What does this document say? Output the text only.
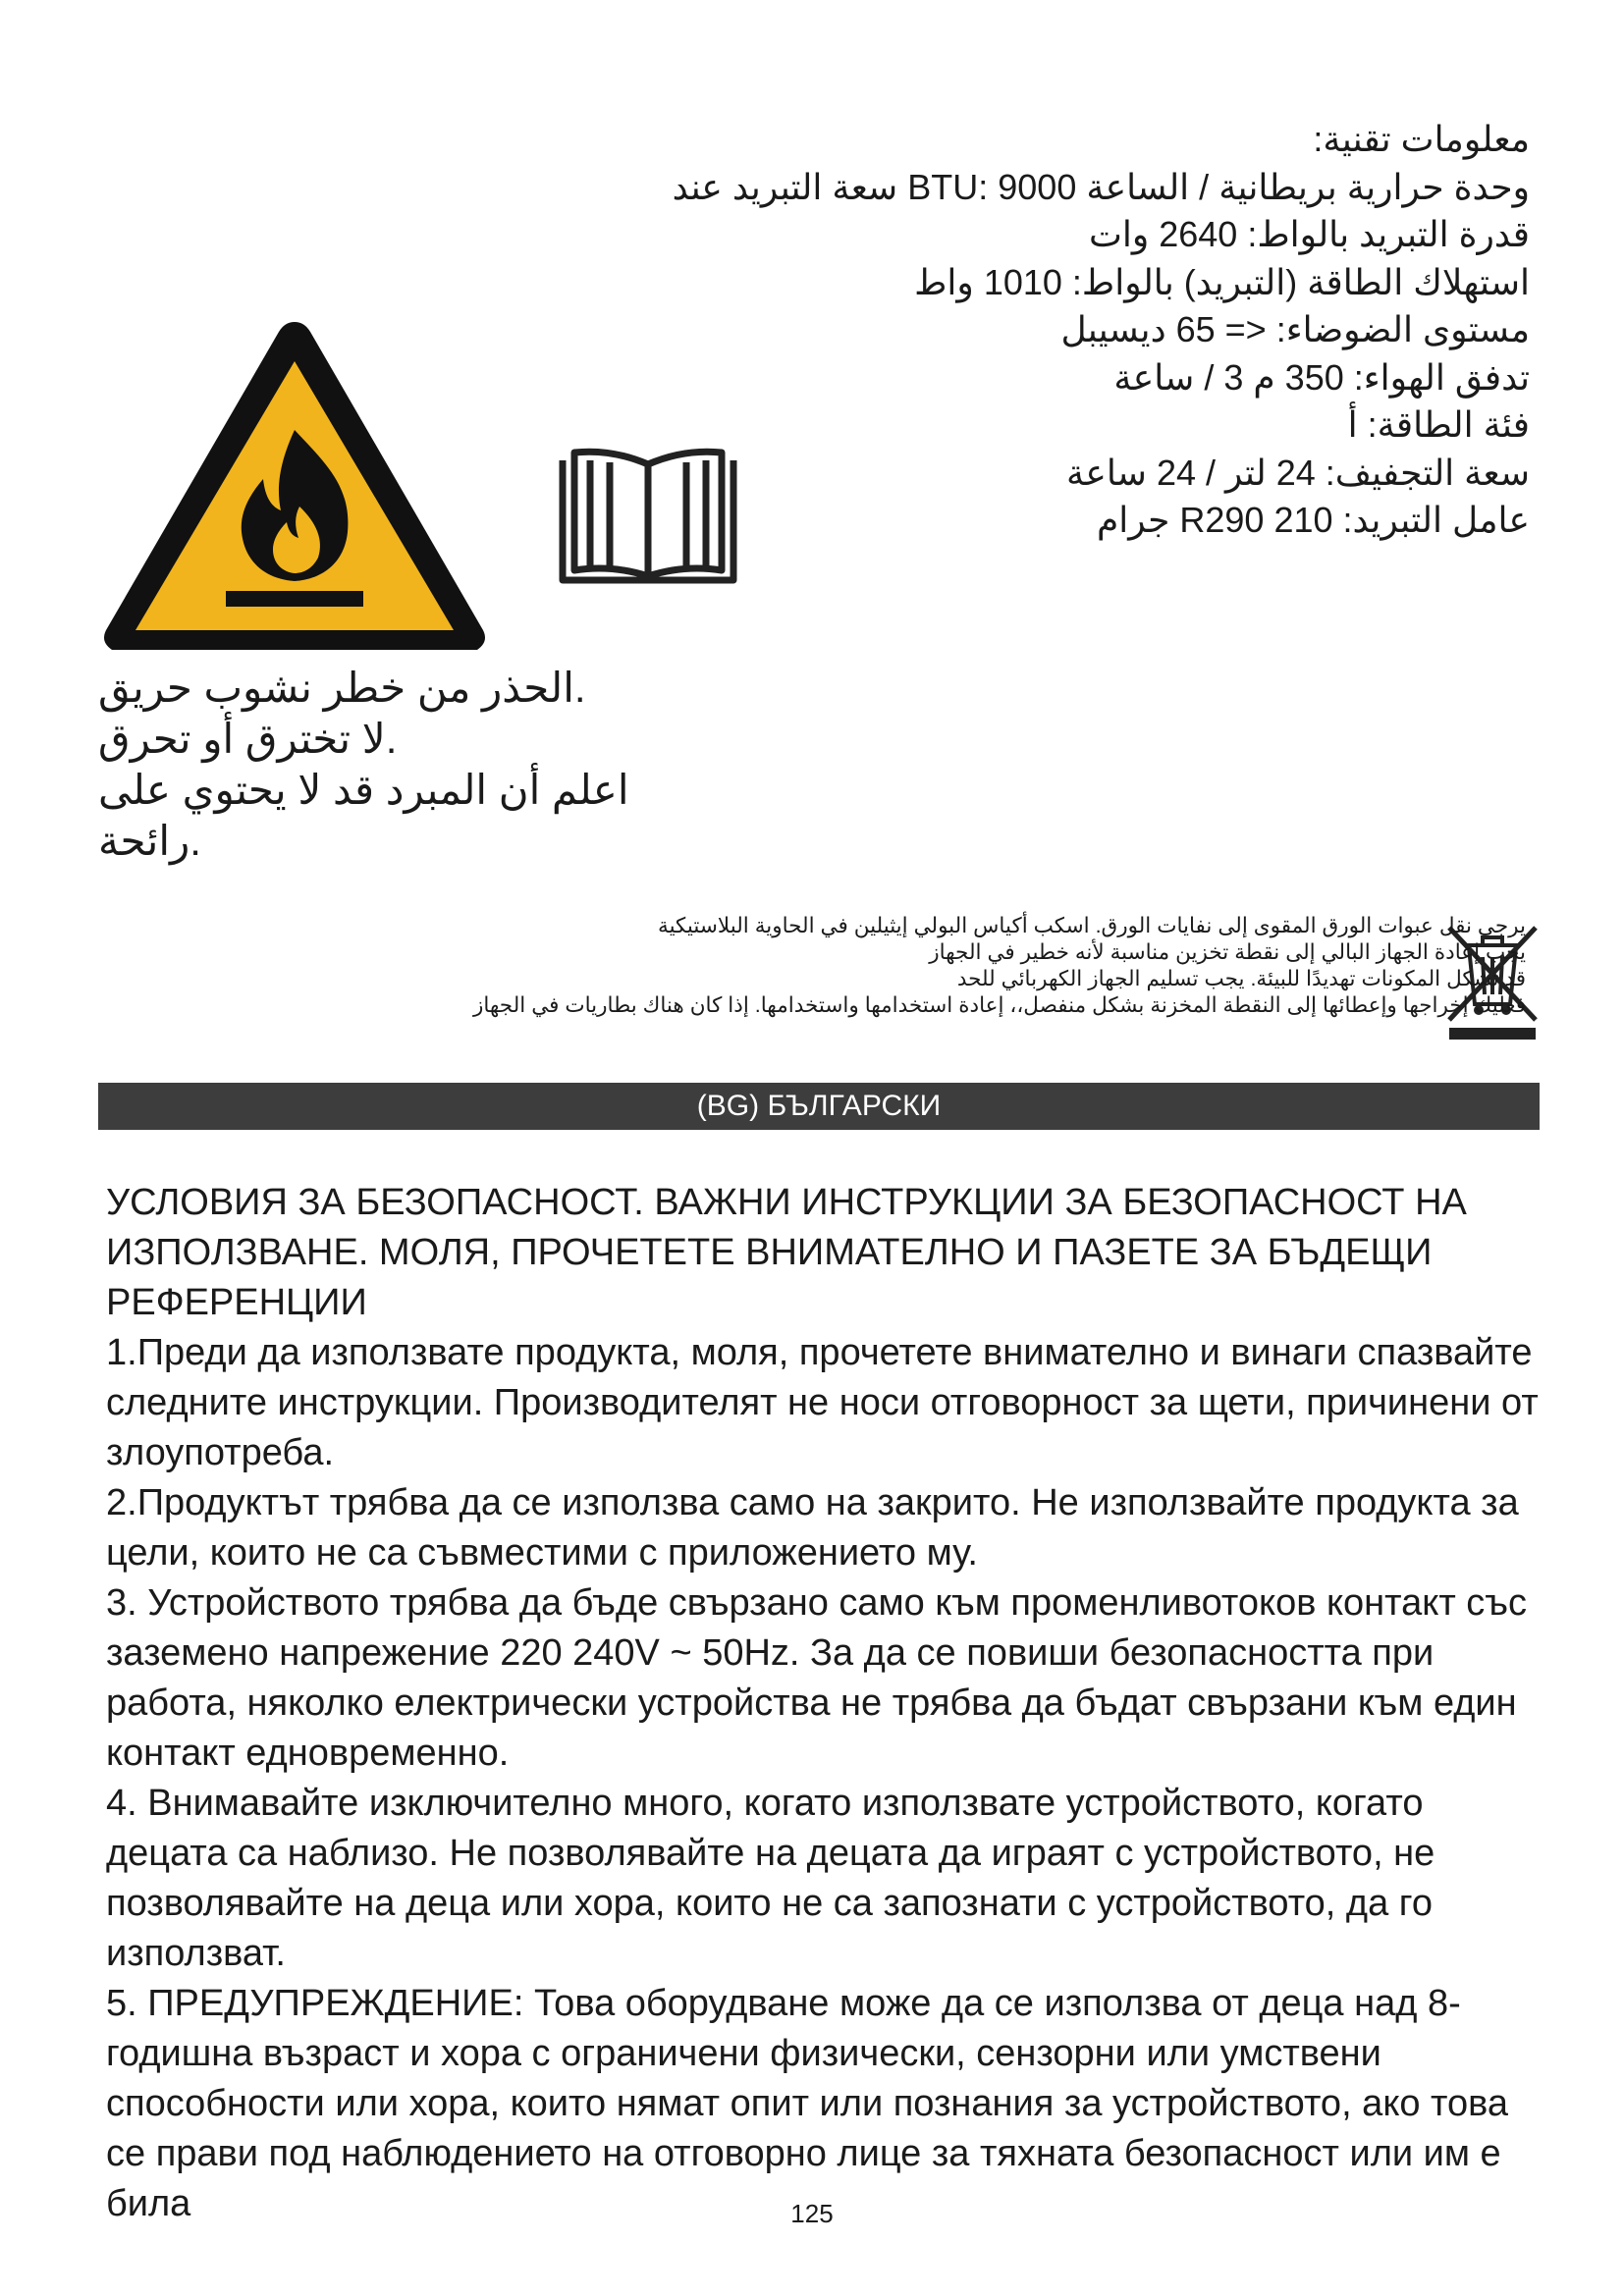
معلومات تقنية:
وحدة حرارية بريطانية / الساعة 9000 :BTU سعة التبريد عند
قدرة التبريد بالواط: 2640 وات
استهلاك الطاقة (التبريد) بالواط: 1010 واط
مستوى الضوضاء: <= 65 ديسيبل
تدفق الهواء: 350 م 3 / ساعة
فئة الطاقة: أ
سعة التجفيف: 24 لتر / 24 ساعة
عامل التبريد: R290 210 جرام
الحذر من خطر نشوب حريق.
لا تخترق أو تحرق.
اعلم أن المبرد قد لا يحتوي على رائحة.
يرجى نقل عبوات الورق المقوى إلى نفايات الورق. اسكب أكياس البولي إيثيلين في الحاوية البلاستيكية
يجب إعادة الجهاز البالي إلى نقطة تخزين مناسبة لأنه خطير في الجهاز
قد تشكل المكونات تهديدًا للبيئة. يجب تسليم الجهاز الكهربائي للحد
فعليك إخراجها وإعطائها إلى النقطة المخزنة بشكل منفصل،، إعادة استخدامها واستخدامها. إذا كان هناك بطاريات في الجهاز
(BG) БЪЛГАРСКИ

УСЛОВИЯ ЗА БЕЗОПАСНОСТ. ВАЖНИ ИНСТРУКЦИИ ЗА БЕЗОПАСНОСТ НА ИЗПОЛЗВАНЕ. МОЛЯ, ПРОЧЕТЕТЕ ВНИМАТЕЛНО И ПАЗЕТЕ ЗА БЪДЕЩИ РЕФЕРЕНЦИИ

1.Преди да използвате продукта, моля, прочетете внимателно и винаги спазвайте следните инструкции. Производителят не носи отговорност за щети, причинени от злоупотреба.

2.Продуктът трябва да се използва само на закрито. Не използвайте продукта за цели, които не са съвместими с приложението му.

3. Устройството трябва да бъде свързано само към променливотоков контакт със заземено напрежение 220 240V ~ 50Hz. За да се повиши безопасността при работа, няколко електрически устройства не трябва да бъдат свързани към един контакт едновременно.

4. Внимавайте изключително много, когато използвате устройството, когато децата са наблизо. Не позволявайте на децата да играят с устройството, не позволявайте на деца или хора, които не са запознати с устройството, да го използват.

5. ПРЕДУПРЕЖДЕНИЕ: Това оборудване може да се използва от деца над 8-годишна възраст и хора с ограничени физически, сензорни или умствени способности или хора, които нямат опит или познания за устройството, ако това се прави под наблюдението на отговорно лице за тяхната безопасност или им е била	125
